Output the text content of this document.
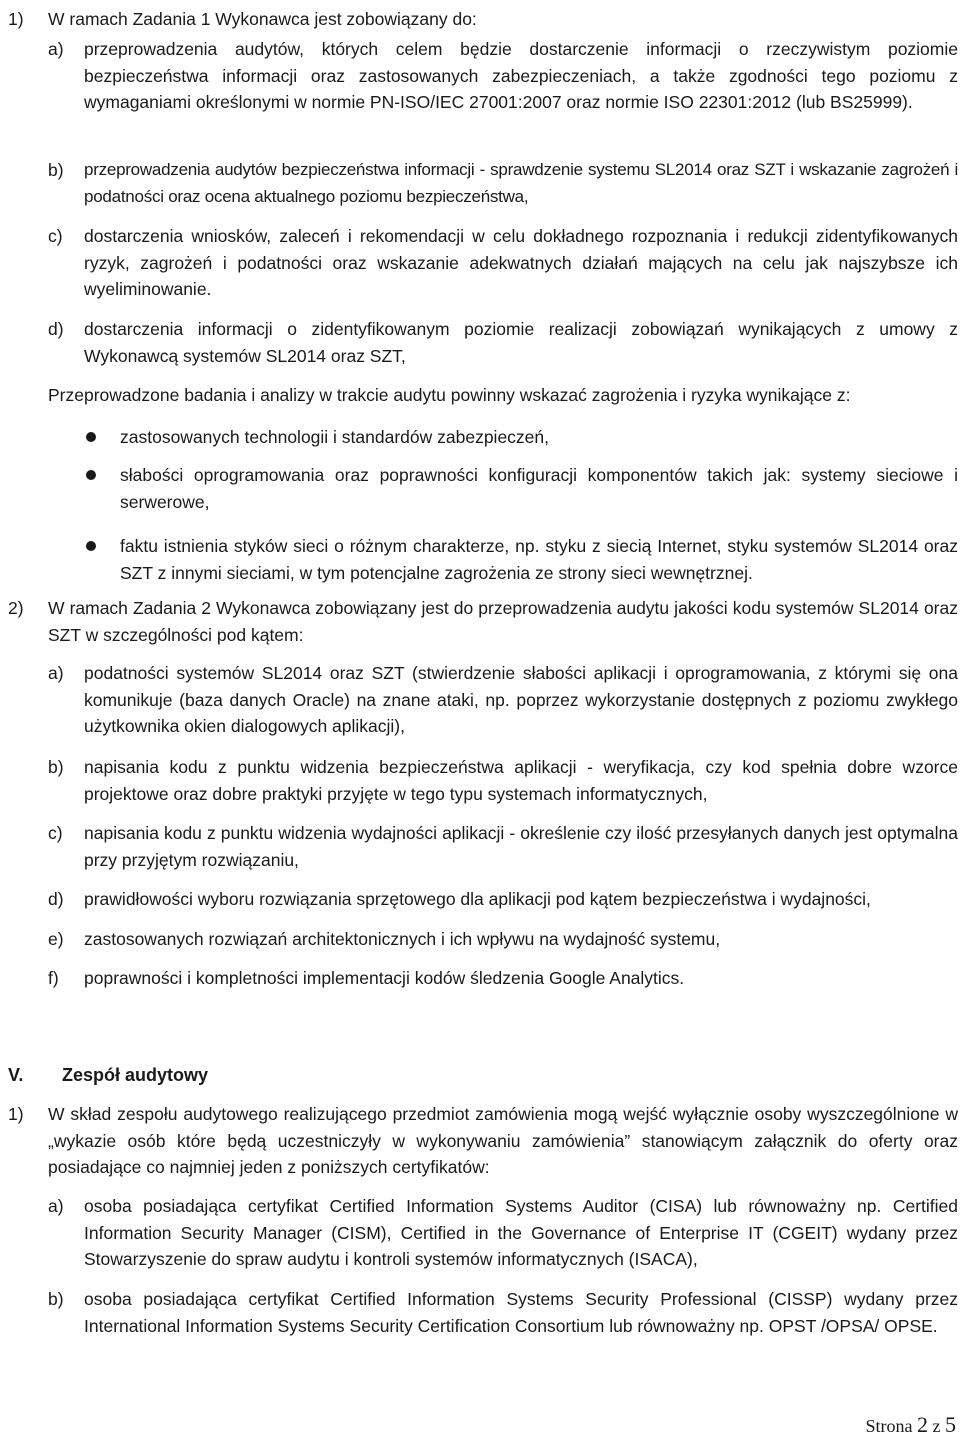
1)	W ramach Zadania 1 Wykonawca jest zobowiązany do:
a)	przeprowadzenia audytów, których celem będzie dostarczenie informacji o rzeczywistym poziomie bezpieczeństwa informacji oraz zastosowanych zabezpieczeniach, a także zgodności tego poziomu z wymaganiami określonymi w normie PN-ISO/IEC 27001:2007 oraz normie ISO 22301:2012 (lub BS25999).
b)	przeprowadzenia audytów bezpieczeństwa informacji - sprawdzenie systemu SL2014 oraz SZT i wskazanie zagrożeń i podatności oraz ocena aktualnego poziomu bezpieczeństwa,
c)	dostarczenia wniosków, zaleceń i rekomendacji w celu dokładnego rozpoznania i redukcji zidentyfikowanych ryzyk, zagrożeń i podatności oraz wskazanie adekwatnych działań mających na celu jak najszybsze ich wyeliminowanie.
d)	dostarczenia informacji o zidentyfikowanym poziomie realizacji zobowiązań wynikających z umowy z Wykonawcą systemów SL2014 oraz SZT,
Przeprowadzone badania i analizy w trakcie audytu powinny wskazać zagrożenia i ryzyka wynikające z:
zastosowanych technologii i standardów zabezpieczeń,
słabości oprogramowania oraz poprawności konfiguracji komponentów takich jak: systemy sieciowe i serwerowe,
faktu istnienia styków sieci o różnym charakterze, np. styku z siecią Internet, styku systemów SL2014 oraz SZT z innymi sieciami, w tym potencjalne zagrożenia ze strony sieci wewnętrznej.
2)	W ramach Zadania 2 Wykonawca zobowiązany jest do przeprowadzenia audytu jakości kodu systemów SL2014 oraz SZT w szczególności pod kątem:
a)	podatności systemów SL2014 oraz SZT (stwierdzenie słabości aplikacji i oprogramowania, z którymi się ona komunikuje (baza danych Oracle) na znane ataki, np. poprzez wykorzystanie dostępnych z poziomu zwykłego użytkownika okien dialogowych aplikacji),
b)	napisania kodu z punktu widzenia bezpieczeństwa aplikacji - weryfikacja, czy kod spełnia dobre wzorce projektowe oraz dobre praktyki przyjęte w tego typu systemach informatycznych,
c)	napisania kodu z punktu widzenia wydajności aplikacji - określenie czy ilość przesyłanych danych jest optymalna przy przyjętym rozwiązaniu,
d)	prawidłowości wyboru rozwiązania sprzętowego dla aplikacji pod kątem bezpieczeństwa i wydajności,
e)	zastosowanych rozwiązań architektonicznych i ich wpływu na wydajność systemu,
f)	poprawności i kompletności implementacji kodów śledzenia Google Analytics.
V.	Zespół audytowy
1)	W skład zespołu audytowego realizującego przedmiot zamówienia mogą wejść wyłącznie osoby wyszczególnione w „wykazie osób które będą uczestniczyły w wykonywaniu zamówienia” stanowiącym załącznik do oferty oraz posiadające co najmniej jeden z poniższych certyfikatów:
a)	osoba posiadająca certyfikat Certified Information Systems Auditor (CISA) lub równoważny np. Certified Information Security Manager (CISM), Certified in the Governance of Enterprise IT (CGEIT) wydany przez Stowarzyszenie do spraw audytu i kontroli systemów informatycznych (ISACA),
b)	osoba posiadająca certyfikat Certified Information Systems Security Professional (CISSP) wydany przez International Information Systems Security Certification Consortium lub równoważny np. OPST /OPSA/ OPSE.
Strona 2 z 5
